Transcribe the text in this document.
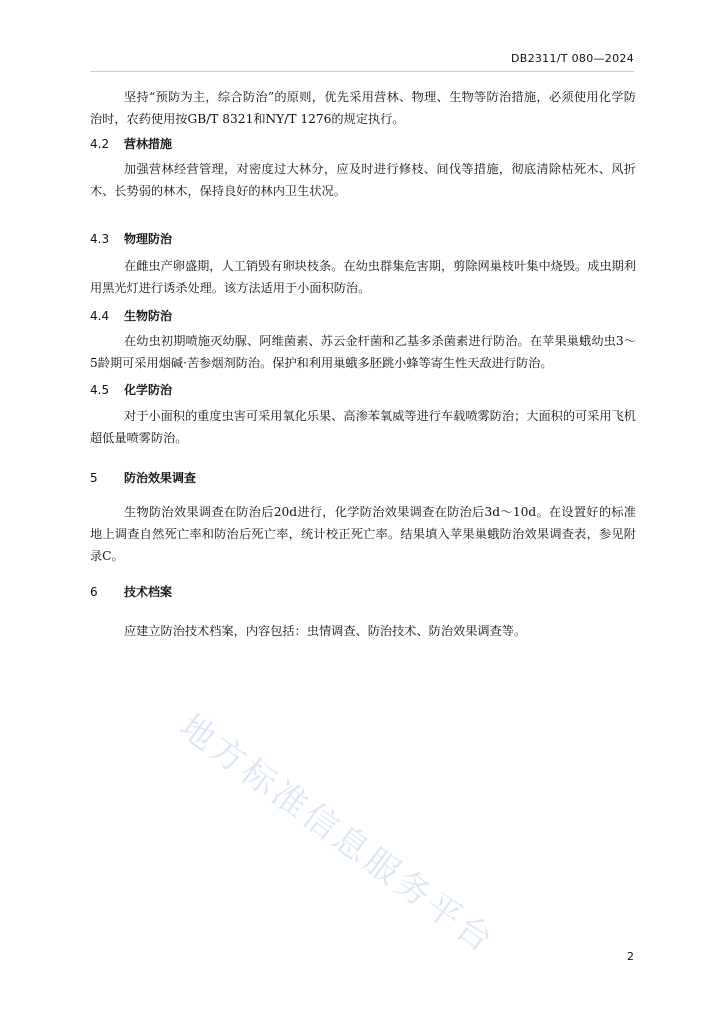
DB2311/T 080—2024

坚持“预防为主，综合防治”的原则，优先采用营林、物理、生物等防治措施，必须使用化学防治时，农药使用按GB/T 8321和NY/T 1276的规定执行。

4.2 营林措施

加强营林经营管理，对密度过大林分，应及时进行修枝、间伐等措施，彻底清除枯死木、风折木、长势弱的林木，保持良好的林内卫生状况。

4.3 物理防治

在雌虫产卵盛期，人工销毁有卵块枝条。在幼虫群集危害期，剪除网巢枝叶集中烧毁。成虫期利用黑光灯进行诱杀处理。该方法适用于小面积防治。

4.4 生物防治

在幼虫初期喷施灭幼脲、阿维菌素、苏云金杆菌和乙基多杀菌素进行防治。在苹果巢蛾幼虫3～5龄期可采用烟碱·苦参烟剂防治。保护和利用巢蛾多胚跳小蜂等寄生性天敌进行防治。

4.5 化学防治

对于小面积的重度虫害可采用氧化乐果、高渗苯氧威等进行车载喷雾防治；大面积的可采用飞机超低量喷雾防治。

5 防治效果调查

生物防治效果调查在防治后20d进行，化学防治效果调查在防治后3d～10d。在设置好的标准地上调查自然死亡率和防治后死亡率，统计校正死亡率。结果填入苹果巢蛾防治效果调查表，参见附录C。

6 技术档案

应建立防治技术档案，内容包括：虫情调查、防治技术、防治效果调查等。

地方标准信息服务平台	2
